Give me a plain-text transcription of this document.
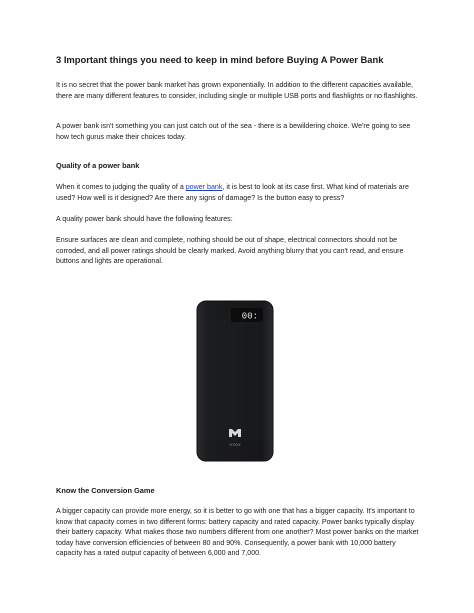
3 Important things you need to keep in mind before Buying A Power Bank

It is no secret that the power bank market has grown exponentially. In addition to the different capacities available, there are many different features to consider, including single or multiple USB ports and flashlights or no flashlights.

A power bank isn't something you can just catch out of the sea - there is a bewildering choice. We're going to see how tech gurus make their choices today.

Quality of a power bank

When it comes to judging the quality of a power bank, it is best to look at its case first. What kind of materials are used? How well is it designed? Are there any signs of damage? Is the button easy to press?

A quality power bank should have the following features:

Ensure surfaces are clean and complete, nothing should be out of shape, electrical connectors should not be corroded, and all power ratings should be clearly marked. Avoid anything blurry that you can't read, and ensure buttons and lights are operational.

00:
IYOOX
Know the Conversion Game

A bigger capacity can provide more energy, so it is better to go with one that has a bigger capacity. It's important to know that capacity comes in two different forms: battery capacity and rated capacity. Power banks typically display their battery capacity. What makes those two numbers different from one another? Most power banks on the market today have conversion efficiencies of between 80 and 90%. Consequently, a power bank with 10,000 battery capacity has a rated output capacity of between 6,000 and 7,000.
